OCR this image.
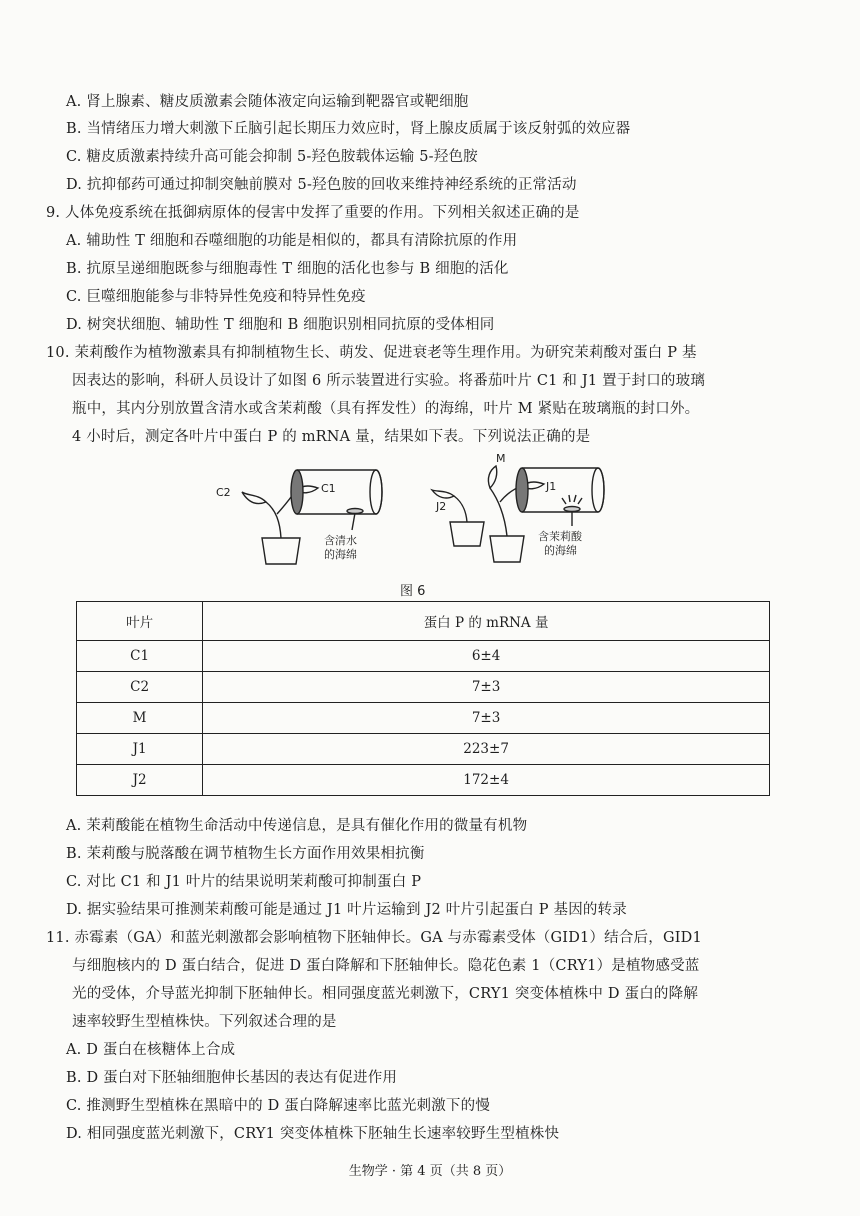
A. 肾上腺素、糖皮质激素会随体液定向运输到靶器官或靶细胞
B. 当情绪压力增大刺激下丘脑引起长期压力效应时，肾上腺皮质属于该反射弧的效应器
C. 糖皮质激素持续升高可能会抑制 5-羟色胺载体运输 5-羟色胺
D. 抗抑郁药可通过抑制突触前膜对 5-羟色胺的回收来维持神经系统的正常活动
9. 人体免疫系统在抵御病原体的侵害中发挥了重要的作用。下列相关叙述正确的是
A. 辅助性 T 细胞和吞噬细胞的功能是相似的，都具有清除抗原的作用
B. 抗原呈递细胞既参与细胞毒性 T 细胞的活化也参与 B 细胞的活化
C. 巨噬细胞能参与非特异性免疫和特异性免疫
D. 树突状细胞、辅助性 T 细胞和 B 细胞识别相同抗原的受体相同
10. 茉莉酸作为植物激素具有抑制植物生长、萌发、促进衰老等生理作用。为研究茉莉酸对蛋白 P 基
因表达的影响，科研人员设计了如图 6 所示装置进行实验。将番茄叶片 C1 和 J1 置于封口的玻璃
瓶中，其内分别放置含清水或含茉莉酸（具有挥发性）的海绵，叶片 M 紧贴在玻璃瓶的封口外。
4 小时后，测定各叶片中蛋白 P 的 mRNA 量，结果如下表。下列说法正确的是
C2	C1
M
J1
J2
含清水
的海绵
含茉莉酸
的海绵
图 6
叶片	蛋白 P 的 mRNA 量
C1	6±4
C2	7±3
M	7±3
J1	223±7
J2	172±4
A. 茉莉酸能在植物生命活动中传递信息，是具有催化作用的微量有机物
B. 茉莉酸与脱落酸在调节植物生长方面作用效果相抗衡
C. 对比 C1 和 J1 叶片的结果说明茉莉酸可抑制蛋白 P
D. 据实验结果可推测茉莉酸可能是通过 J1 叶片运输到 J2 叶片引起蛋白 P 基因的转录
11. 赤霉素（GA）和蓝光刺激都会影响植物下胚轴伸长。GA 与赤霉素受体（GID1）结合后，GID1
与细胞核内的 D 蛋白结合，促进 D 蛋白降解和下胚轴伸长。隐花色素 1（CRY1）是植物感受蓝
光的受体，介导蓝光抑制下胚轴伸长。相同强度蓝光刺激下，CRY1 突变体植株中 D 蛋白的降解
速率较野生型植株快。下列叙述合理的是
A. D 蛋白在核糖体上合成
B. D 蛋白对下胚轴细胞伸长基因的表达有促进作用
C. 推测野生型植株在黑暗中的 D 蛋白降解速率比蓝光刺激下的慢
D. 相同强度蓝光刺激下，CRY1 突变体植株下胚轴生长速率较野生型植株快
生物学 · 第 4 页（共 8 页）
